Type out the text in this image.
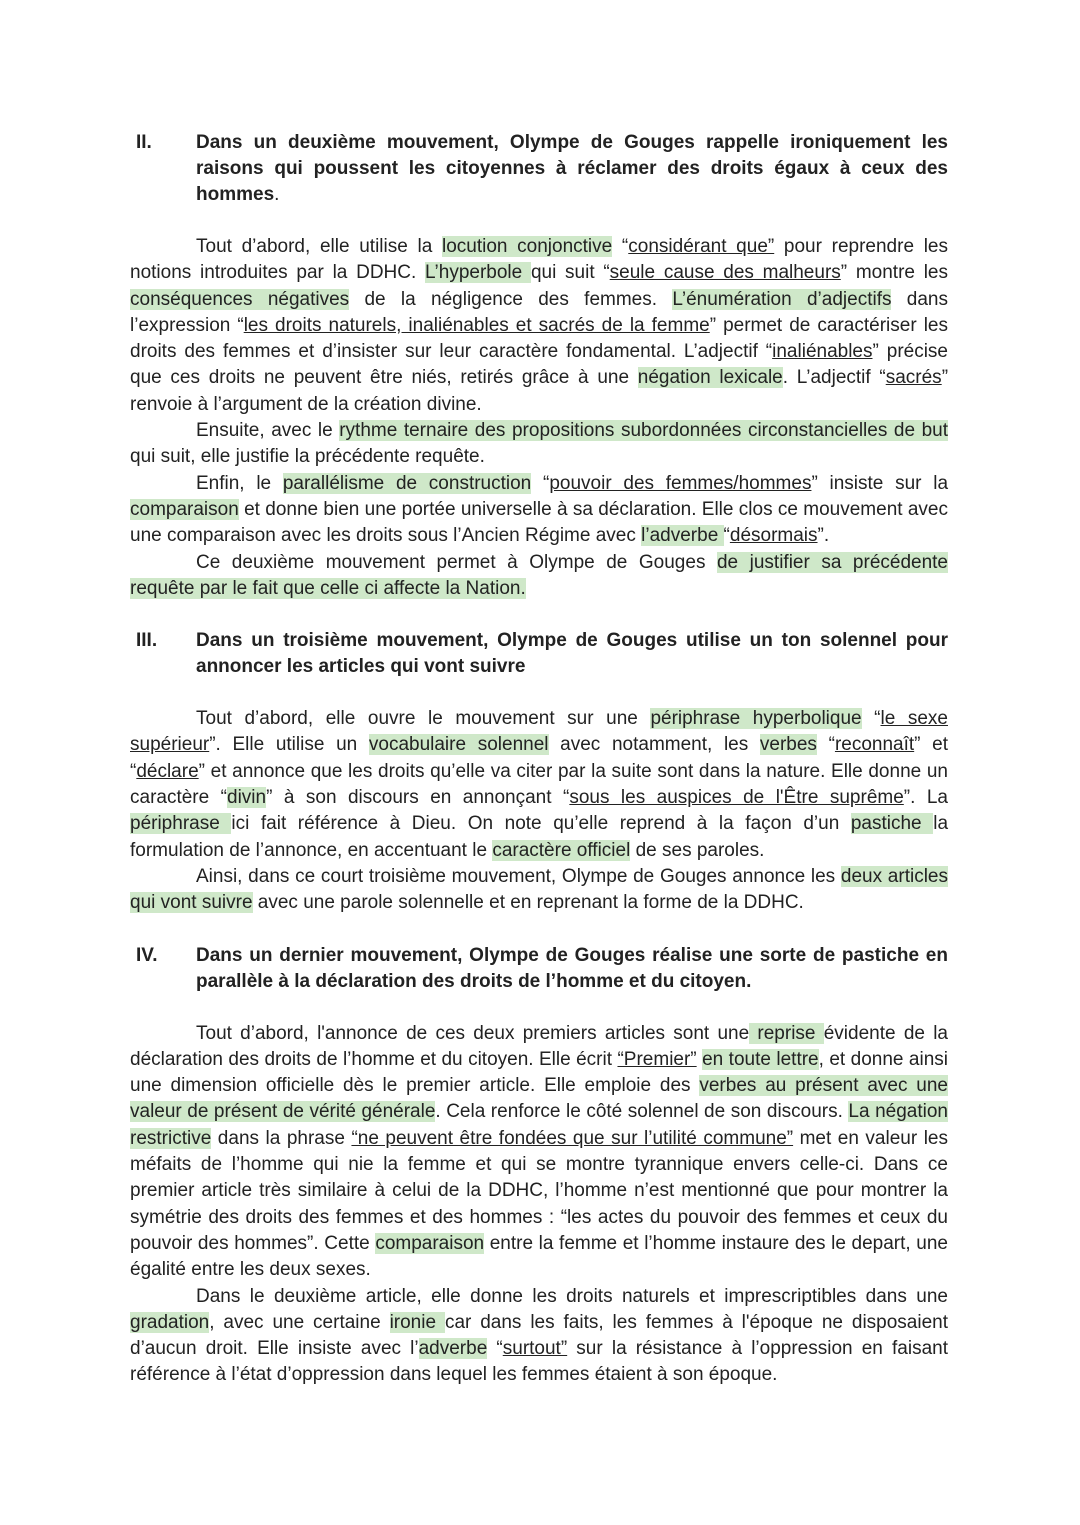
II.	Dans un deuxième mouvement, Olympe de Gouges rappelle ironiquement les raisons qui poussent les citoyennes à réclamer des droits égaux à ceux des hommes.

Tout d’abord, elle utilise la locution conjonctive “considérant que” pour reprendre les notions introduites par la DDHC. L’hyperbole qui suit “seule cause des malheurs” montre les conséquences négatives de la négligence des femmes. L’énumération d’adjectifs dans l’expression “les droits naturels, inaliénables et sacrés de la femme” permet de caractériser les droits des femmes et d’insister sur leur caractère fondamental. L’adjectif “inaliénables” précise que ces droits ne peuvent être niés, retirés grâce à une négation lexicale. L’adjectif “sacrés” renvoie à l’argument de la création divine.

Ensuite, avec le rythme ternaire des propositions subordonnées circonstancielles de but qui suit, elle justifie la précédente requête.

Enfin, le parallélisme de construction “pouvoir des femmes/hommes” insiste sur la comparaison et donne bien une portée universelle à sa déclaration. Elle clos ce mouvement avec une comparaison avec les droits sous l’Ancien Régime avec l’adverbe “désormais”.

Ce deuxième mouvement permet à Olympe de Gouges de justifier sa précédente requête par le fait que celle ci affecte la Nation.

III.	Dans un troisième mouvement, Olympe de Gouges utilise un ton solennel pour annoncer les articles qui vont suivre

Tout d’abord, elle ouvre le mouvement sur une périphrase hyperbolique “le sexe supérieur”. Elle utilise un vocabulaire solennel avec notamment, les verbes “reconnaît” et “déclare” et annonce que les droits qu’elle va citer par la suite sont dans la nature. Elle donne un caractère “divin” à son discours en annonçant “sous les auspices de l'Être suprême”. La périphrase ici fait référence à Dieu. On note qu’elle reprend à la façon d’un pastiche la formulation de l’annonce, en accentuant le caractère officiel de ses paroles.

Ainsi, dans ce court troisième mouvement, Olympe de Gouges annonce les deux articles qui vont suivre avec une parole solennelle et en reprenant la forme de la DDHC.

IV.	Dans un dernier mouvement, Olympe de Gouges réalise une sorte de pastiche en parallèle à la déclaration des droits de l’homme et du citoyen.

Tout d’abord, l'annonce de ces deux premiers articles sont une reprise évidente de la déclaration des droits de l’homme et du citoyen. Elle écrit “Premier” en toute lettre, et donne ainsi une dimension officielle dès le premier article. Elle emploie des verbes au présent avec une valeur de présent de vérité générale. Cela renforce le côté solennel de son discours. La négation restrictive dans la phrase “ne peuvent être fondées que sur l’utilité commune” met en valeur les méfaits de l’homme qui nie la femme et qui se montre tyrannique envers celle-ci. Dans ce premier article très similaire à celui de la DDHC, l’homme n’est mentionné que pour montrer la symétrie des droits des femmes et des hommes : “les actes du pouvoir des femmes et ceux du pouvoir des hommes”. Cette comparaison entre la femme et l’homme instaure des le depart, une égalité entre les deux sexes.

Dans le deuxième article, elle donne les droits naturels et imprescriptibles dans une gradation, avec une certaine ironie car dans les faits, les femmes à l'époque ne disposaient d’aucun droit. Elle insiste avec l’adverbe “surtout” sur la résistance à l’oppression en faisant référence à l’état d’oppression dans lequel les femmes étaient à son époque.
